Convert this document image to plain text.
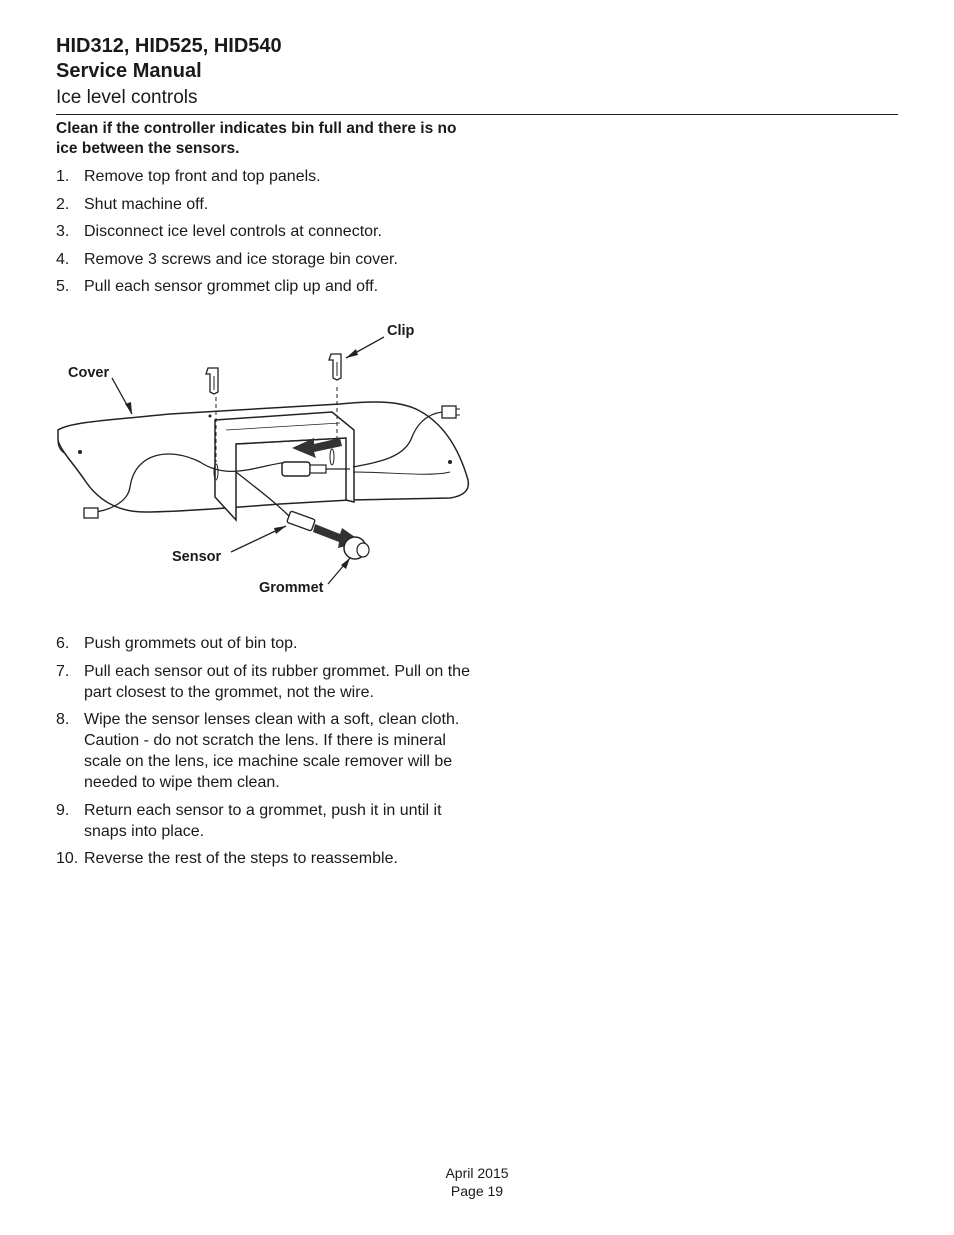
HID312, HID525, HID540
Service Manual
Ice level controls
Clean if the controller indicates bin full and there is no ice between the sensors.
1. Remove top front and top panels.
2. Shut machine off.
3. Disconnect ice level controls at connector.
4. Remove 3 screws and ice storage bin cover.
5. Pull each sensor grommet clip up and off.
Clip
Cover
Sensor
Grommet
6. Push grommets out of bin top.
7. Pull each sensor out of its rubber grommet. Pull on the part closest to the grommet, not the wire.
8. Wipe the sensor lenses clean with a soft, clean cloth. Caution - do not scratch the lens. If there is mineral scale on the lens, ice machine scale remover will be needed to wipe them clean.
9. Return each sensor to a grommet, push it in until it snaps into place.
10. Reverse the rest of the steps to reassemble.
April 2015
Page 19
